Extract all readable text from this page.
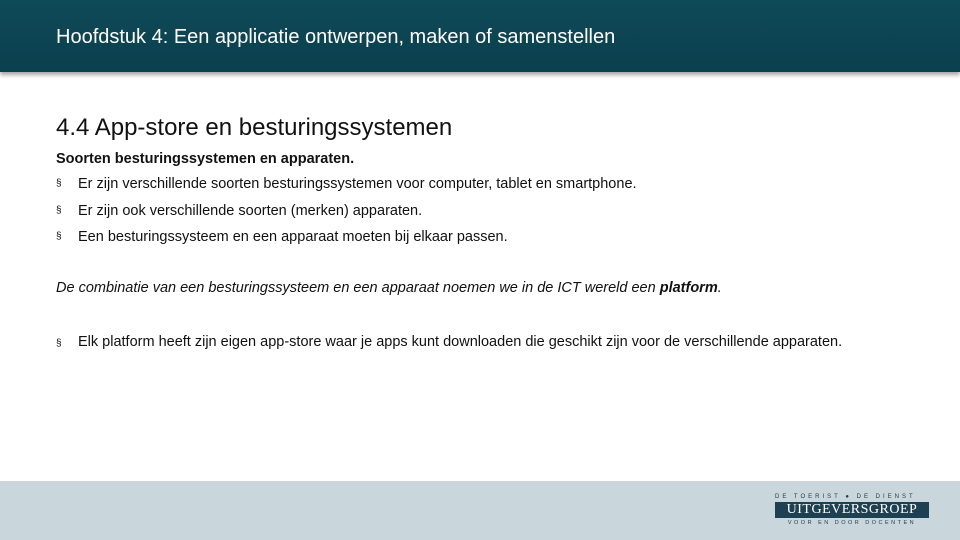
Hoofdstuk 4: Een applicatie ontwerpen, maken of samenstellen
4.4 App-store en besturingssystemen
Soorten besturingssystemen en apparaten.
§ Er zijn verschillende soorten besturingssystemen voor computer, tablet en smartphone.
§ Er zijn ook verschillende soorten (merken) apparaten.
§ Een besturingssysteem en een apparaat moeten bij elkaar passen.
De combinatie van een besturingssysteem en een apparaat noemen we in de ICT wereld een platform.
§ Elk platform heeft zijn eigen app-store waar je apps kunt downloaden die geschikt zijn voor de verschillende apparaten.
DE TOERIST ● DE DIENST
UITGEVERSGROEP
VOOR EN DOOR DOCENTEN
